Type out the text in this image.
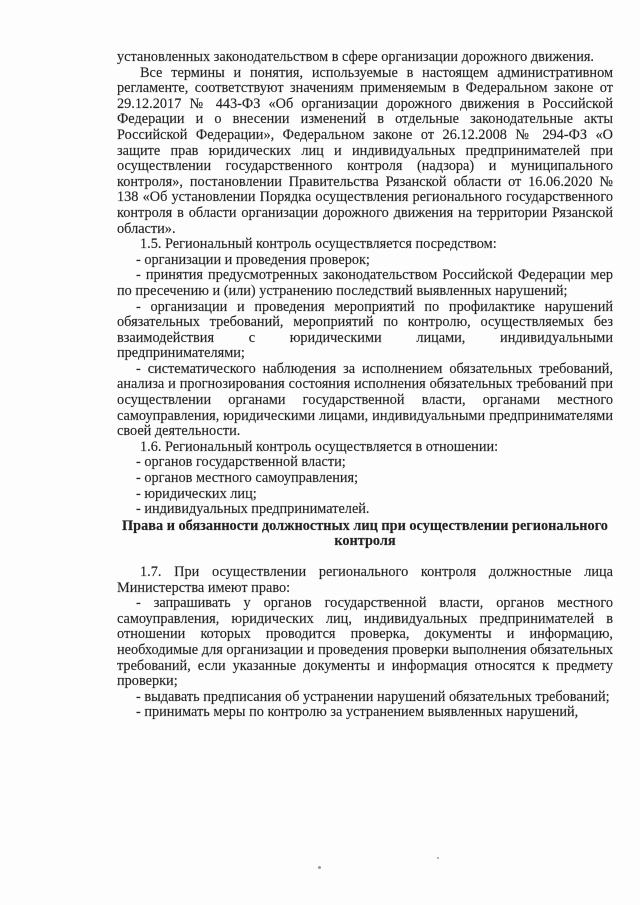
установленных законодательством в сфере организации дорожного движения.

Все термины и понятия, используемые в настоящем административном регламенте, соответствуют значениям применяемым в Федеральном законе от 29.12.2017 № 443-ФЗ «Об организации дорожного движения в Российской Федерации и о внесении изменений в отдельные законодательные акты Российской Федерации», Федеральном законе от 26.12.2008 № 294-ФЗ «О защите прав юридических лиц и индивидуальных предпринимателей при осуществлении государственного контроля (надзора) и муниципального контроля», постановлении Правительства Рязанской области от 16.06.2020 № 138 «Об установлении Порядка осуществления регионального государственного контроля в области организации дорожного движения на территории Рязанской области».

1.5. Региональный контроль осуществляется посредством:

- организации и проведения проверок;

- принятия предусмотренных законодательством Российской Федерации мер по пресечению и (или) устранению последствий выявленных нарушений;

- организации и проведения мероприятий по профилактике нарушений обязательных требований, мероприятий по контролю, осуществляемых без взаимодействия с юридическими лицами, индивидуальными предпринимателями;

- систематического наблюдения за исполнением обязательных требований, анализа и прогнозирования состояния исполнения обязательных требований при осуществлении органами государственной власти, органами местного самоуправления, юридическими лицами, индивидуальными предпринимателями своей деятельности.

1.6. Региональный контроль осуществляется в отношении:

- органов государственной власти;

- органов местного самоуправления;

- юридических лиц;

- индивидуальных предпринимателей.

Права и обязанности должностных лиц при осуществлении регионального контроля

1.7. При осуществлении регионального контроля должностные лица Министерства имеют право:

- запрашивать у органов государственной власти, органов местного самоуправления, юридических лиц, индивидуальных предпринимателей в отношении которых проводится проверка, документы и информацию, необходимые для организации и проведения проверки выполнения обязательных требований, если указанные документы и информация относятся к предмету проверки;

- выдавать предписания об устранении нарушений обязательных требований;

- принимать меры по контролю за устранением выявленных нарушений,
